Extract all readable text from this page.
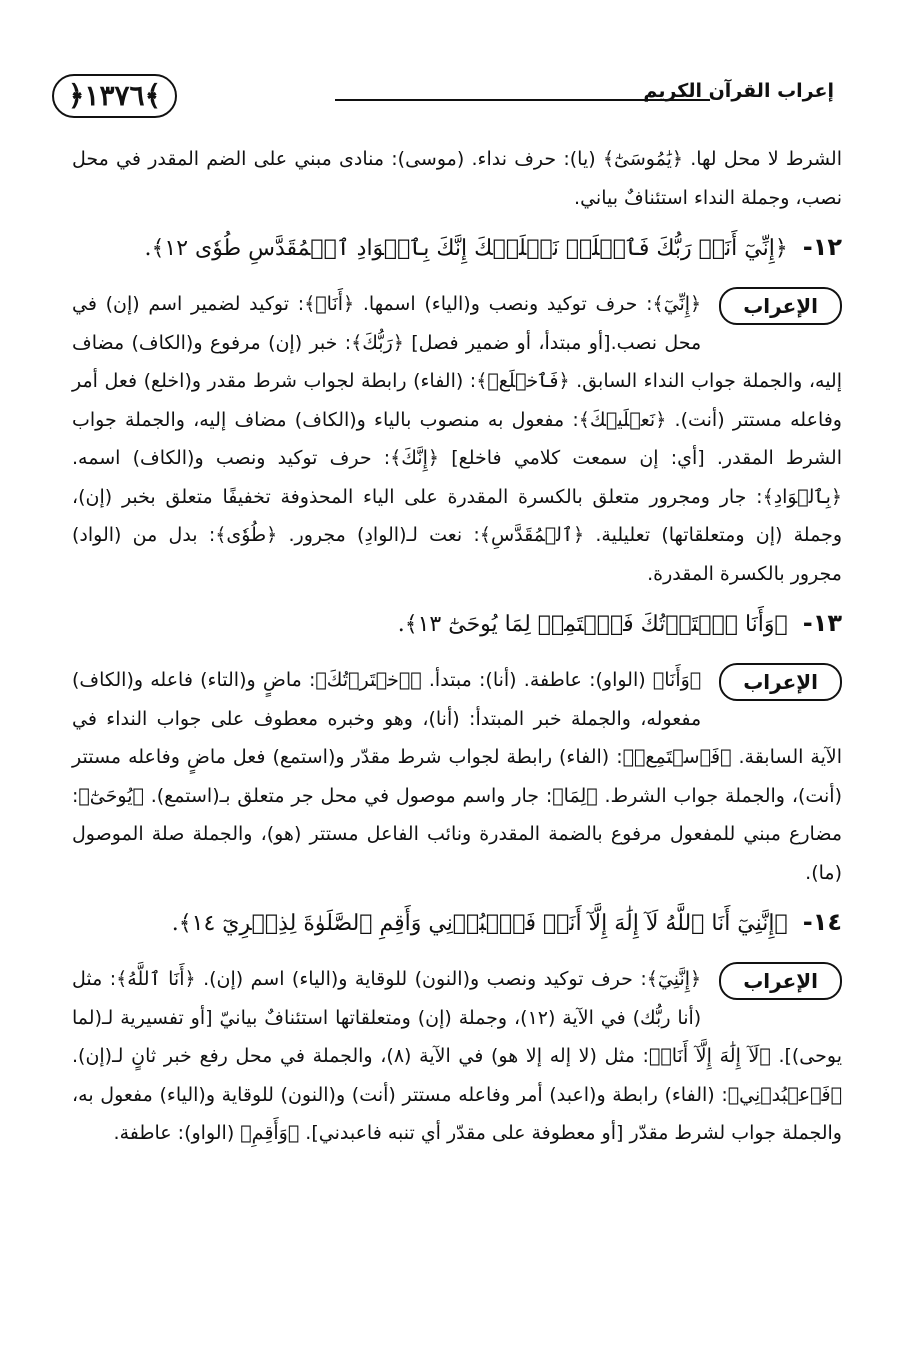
﴿١٣٧٦﴾	إعراب القرآن الكريم

الشرط لا محل لها. ﴿يَٰمُوسَىٰٓ﴾ (يا): حرف نداء. (موسى): منادى مبني على الضم المقدر في محل نصب، وجملة النداء استئنافٌ بياني.

١٢- ﴿إِنِّيٓ أَنَا۠ رَبُّكَ فَٱخۡلَعۡ نَعۡلَيۡكَ إِنَّكَ بِٱلۡوَادِ ٱلۡمُقَدَّسِ طُوٗى ١٢﴾.
الإعراب

﴿إِنِّيٓ﴾: حرف توكيد ونصب و(الياء) اسمها. ﴿أَنَا۠﴾: توكيد لضمير اسم (إن) في محل نصب.[أو مبتدأ، أو ضمير فصل] ﴿رَبُّكَ﴾: خبر (إن) مرفوع و(الكاف) مضاف إليه، والجملة جواب النداء السابق. ﴿فَٱخۡلَعۡ﴾: (الفاء) رابطة لجواب شرط مقدر و(اخلع) فعل أمر وفاعله مستتر (أنت). ﴿نَعۡلَيۡكَ﴾: مفعول به منصوب بالياء و(الكاف) مضاف إليه، والجملة جواب الشرط المقدر. [أي: إن سمعت كلامي فاخلع] ﴿إِنَّكَ﴾: حرف توكيد ونصب و(الكاف) اسمه. ﴿بِٱلۡوَادِ﴾: جار ومجرور متعلق بالكسرة المقدرة على الياء المحذوفة تخفيفًا متعلق بخبر (إن)، وجملة (إن ومتعلقاتها) تعليلية. ﴿ٱلۡمُقَدَّسِ﴾: نعت لـ(الوادِ) مجرور. ﴿طُوٗى﴾: بدل من (الواد) مجرور بالكسرة المقدرة.

١٣- ﴿وَأَنَا ٱخۡتَرۡتُكَ فَٱسۡتَمِعۡ لِمَا يُوحَىٰٓ ١٣﴾.
الإعراب

﴿وَأَنَا﴾ (الواو): عاطفة. (أنا): مبتدأ. ﴿ٱخۡتَرۡتُكَ﴾: ماضٍ و(التاء) فاعله و(الكاف) مفعوله، والجملة خبر المبتدأ: (أنا)، وهو وخبره معطوف على جواب النداء في الآية السابقة. ﴿فَٱسۡتَمِعۡ﴾: (الفاء) رابطة لجواب شرط مقدّر و(استمع) فعل ماضٍ وفاعله مستتر (أنت)، والجملة جواب الشرط. ﴿لِمَا﴾: جار واسم موصول في محل جر متعلق بـ(استمع). ﴿يُوحَىٰٓ﴾: مضارع مبني للمفعول مرفوع بالضمة المقدرة ونائب الفاعل مستتر (هو)، والجملة صلة الموصول (ما).

١٤- ﴿إِنَّنِيٓ أَنَا ٱللَّهُ لَآ إِلَٰهَ إِلَّآ أَنَا۠ فَٱعۡبُدۡنِي وَأَقِمِ ٱلصَّلَوٰةَ لِذِكۡرِيٓ ١٤﴾.
الإعراب

﴿إِنَّنِيٓ﴾: حرف توكيد ونصب و(النون) للوقاية و(الياء) اسم (إن). ﴿أَنَا ٱللَّهُ﴾: مثل (أنا ربُّك) في الآية (١٢)، وجملة (إن) ومتعلقاتها استئنافٌ بيانيّ [أو تفسيرية لـ(لما يوحى)]. ﴿لَآ إِلَٰهَ إِلَّآ أَنَا۠﴾: مثل (لا إله إلا هو) في الآية (٨)، والجملة في محل رفع خبر ثانٍ لـ(إن). ﴿فَٱعۡبُدۡنِي﴾: (الفاء) رابطة و(اعبد) أمر وفاعله مستتر (أنت) و(النون) للوقاية و(الياء) مفعول به، والجملة جواب لشرط مقدّر [أو معطوفة على مقدّر أي تنبه فاعبدني]. ﴿وَأَقِمِ﴾ (الواو): عاطفة.
